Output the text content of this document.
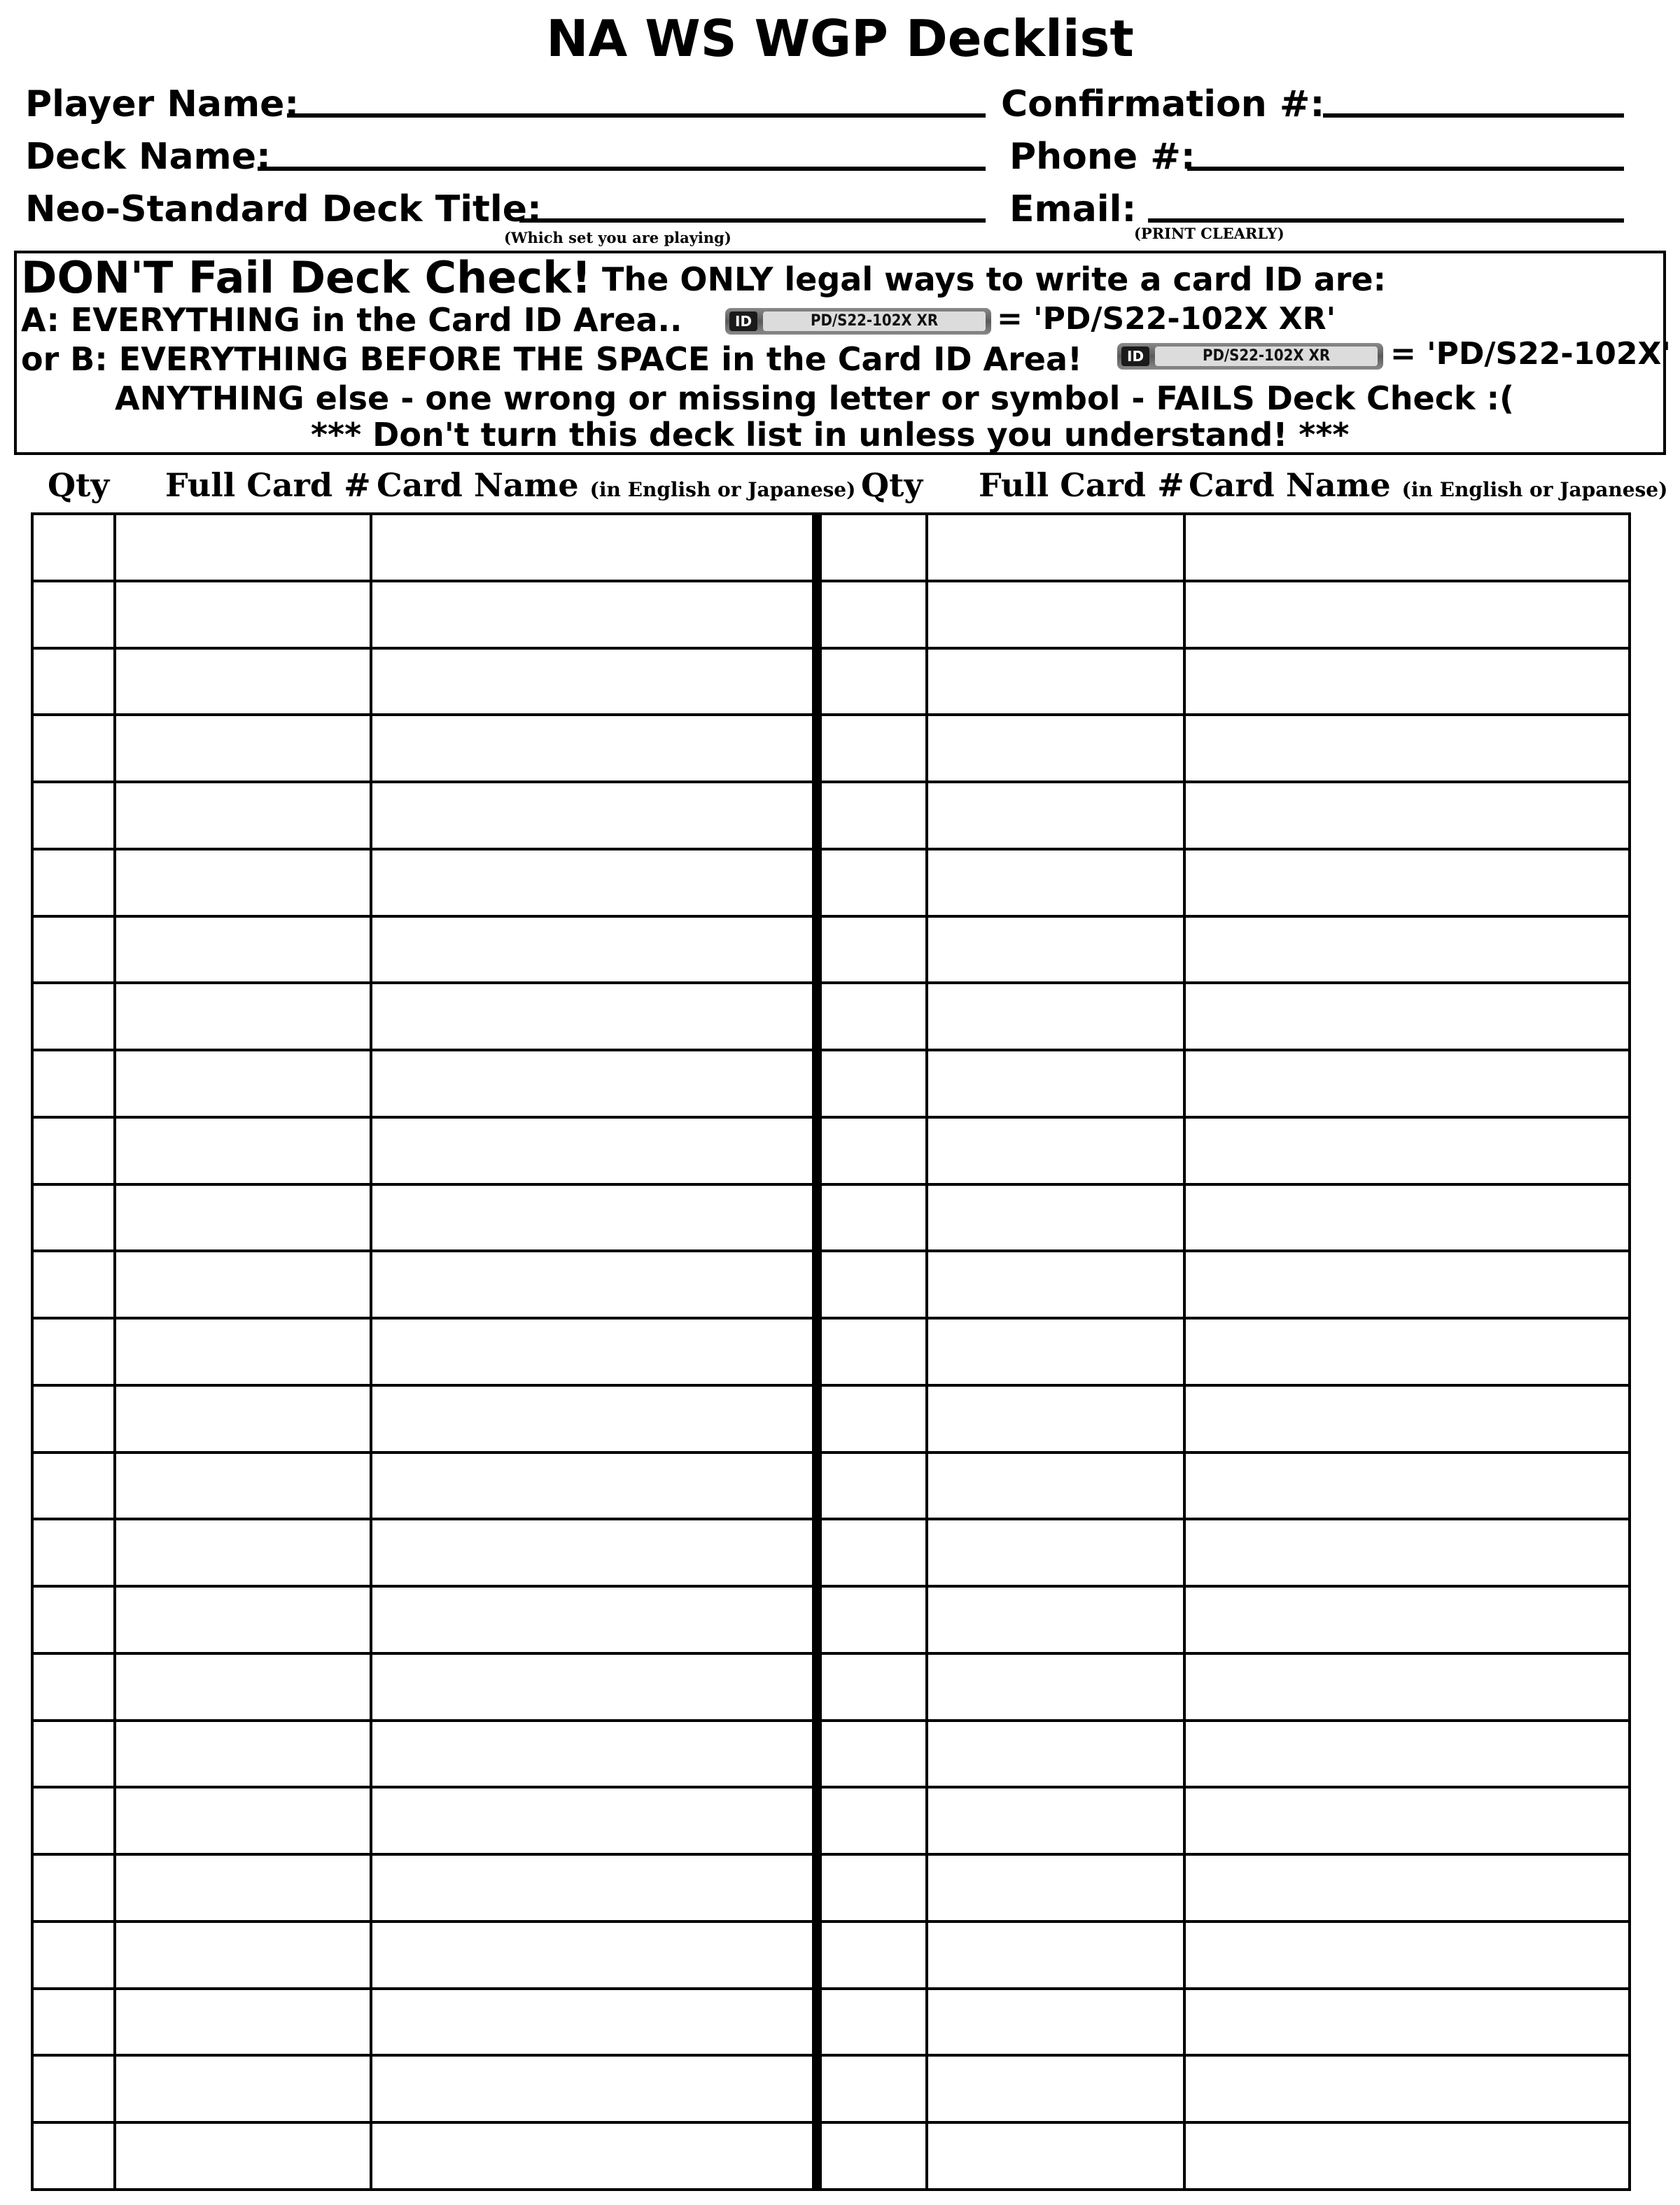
NA WS WGP Decklist
Player Name:
Deck Name:
Neo-Standard Deck Title:
(Which set you are playing)
Confirmation #:
Phone #:
Email:
(PRINT CLEARLY)
DON'T Fail Deck Check! The ONLY legal ways to write a card ID are:
A: EVERYTHING in the Card ID Area..	ID	PD/S22-102X XR	= 'PD/S22-102X XR'
or B: EVERYTHING BEFORE THE SPACE in the Card ID Area!	ID	PD/S22-102X XR	= 'PD/S22-102X'
ANYTHING else - one wrong or missing letter or symbol - FAILS Deck Check :(
*** Don't turn this deck list in unless you understand! ***
Qty Full Card # Card Name (in English or Japanese) Qty Full Card # Card Name (in English or Japanese)
